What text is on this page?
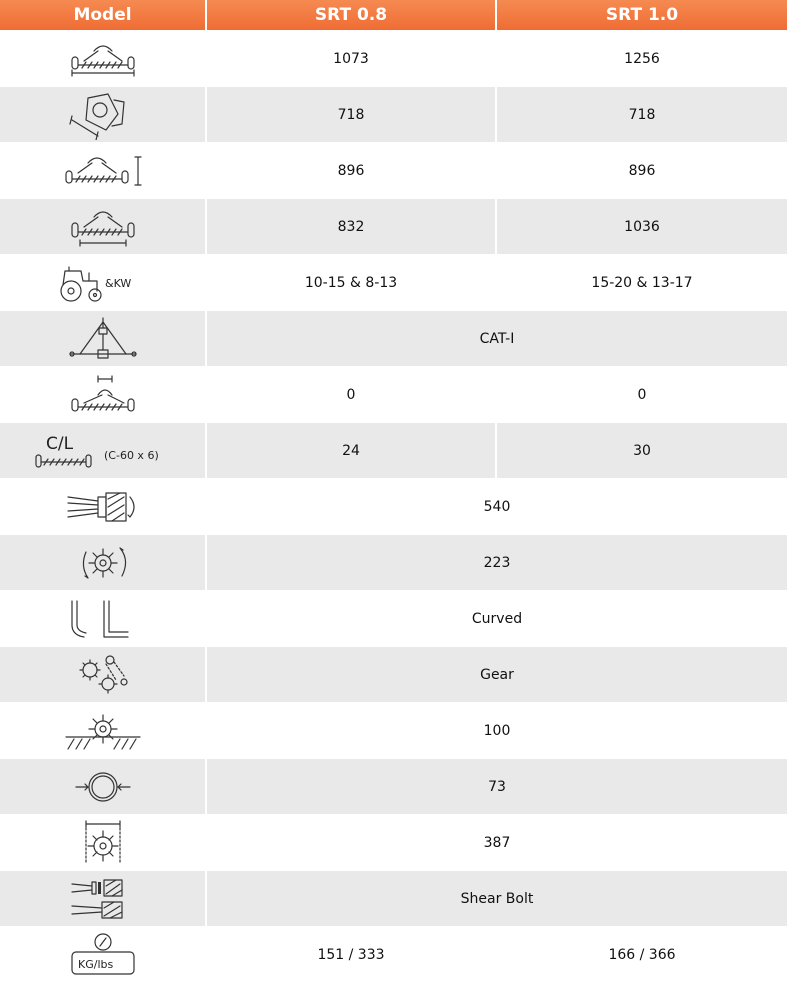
Model	SRT 0.8	SRT 1.0

	1073	1256

	718	718

	896	896

	832	1036

&KW	10-15 & 8-13	15-20 & 13-17

	CAT-I	

	0	0

C/L
(C-60 x 6)	24	30

	540	

	223	

	Curved	

	Gear	

	100	

	73	

	387	

	Shear Bolt	

KG/lbs	151 / 333	166 / 366
